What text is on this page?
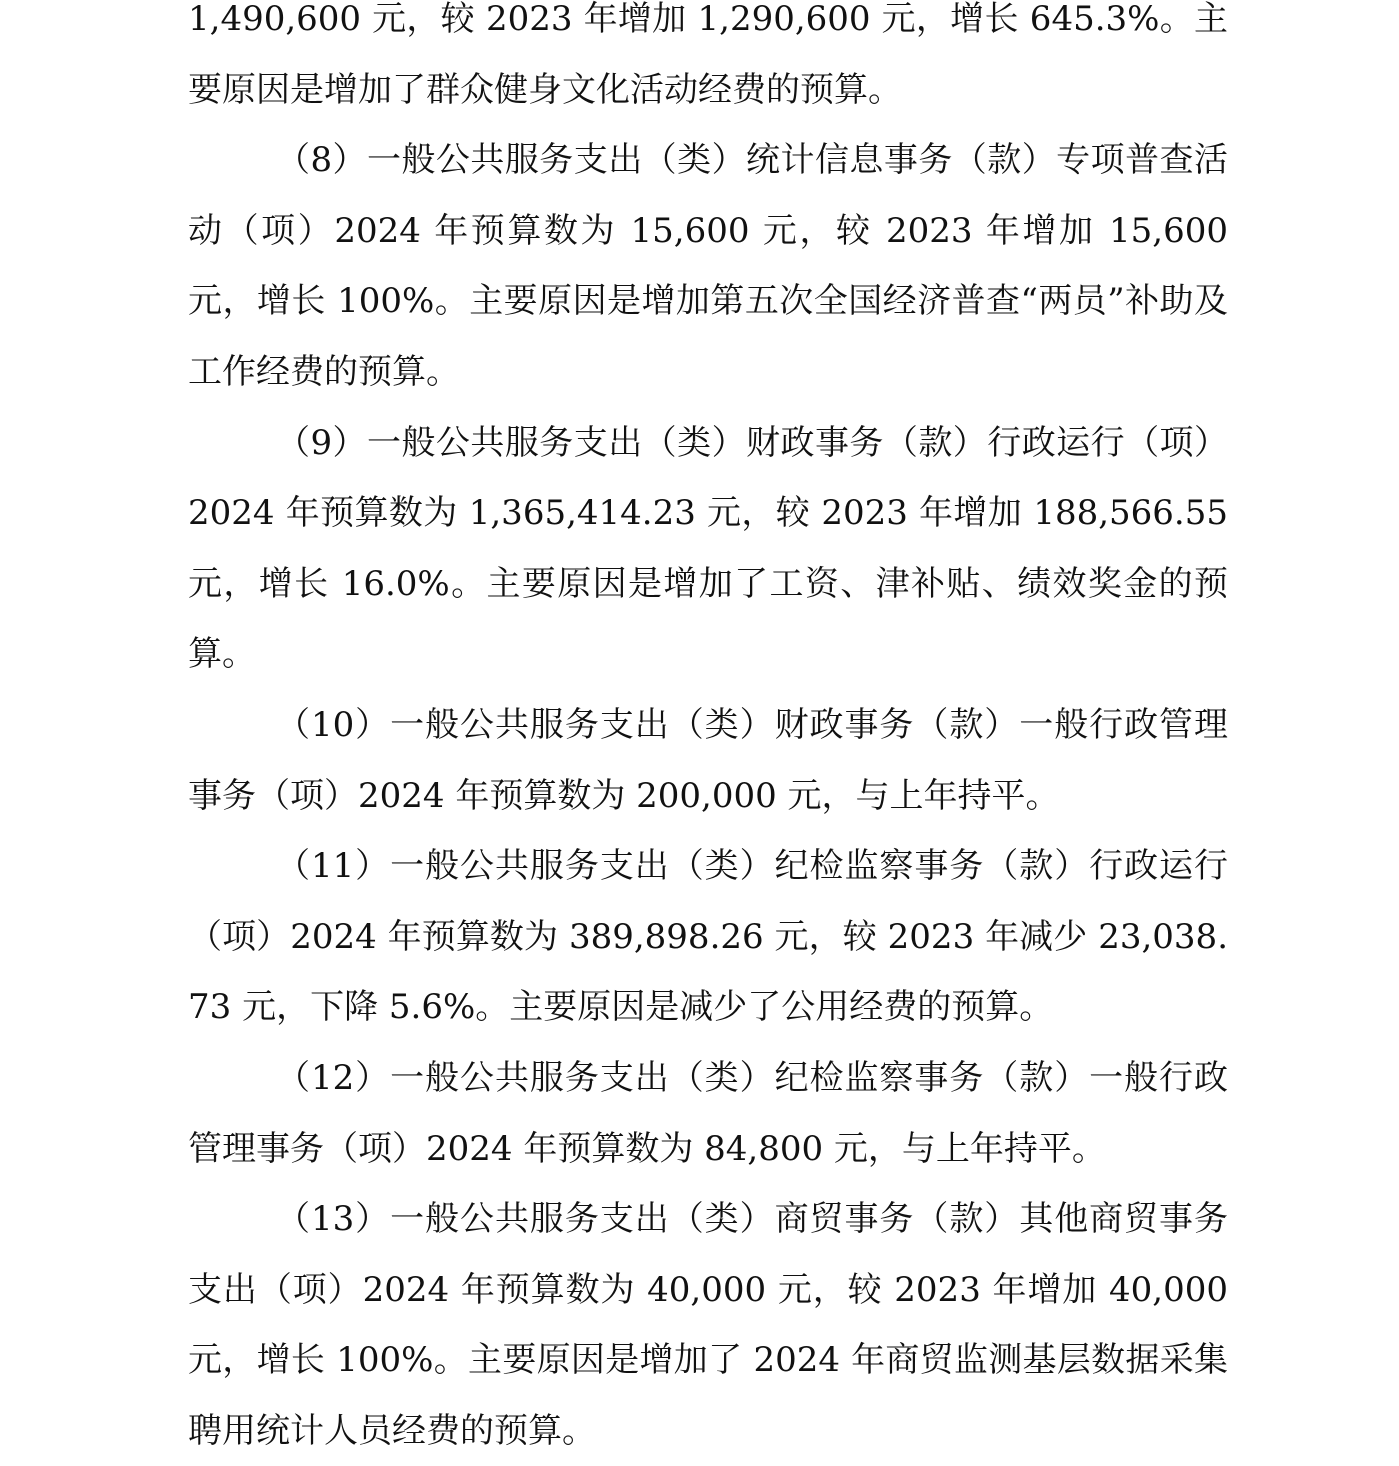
1,490,600 元，较 2023 年增加 1,290,600 元，增长 645.3%。主要原因是增加了群众健身文化活动经费的预算。

（8）一般公共服务支出（类）统计信息事务（款）专项普查活动（项）2024 年预算数为 15,600 元，较 2023 年增加 15,600 元，增长 100%。主要原因是增加第五次全国经济普查“两员”补助及工作经费的预算。

（9）一般公共服务支出（类）财政事务（款）行政运行（项）2024 年预算数为 1,365,414.23 元，较 2023 年增加 188,566.55 元，增长 16.0%。主要原因是增加了工资、津补贴、绩效奖金的预算。

（10）一般公共服务支出（类）财政事务（款）一般行政管理事务（项）2024 年预算数为 200,000 元，与上年持平。

（11）一般公共服务支出（类）纪检监察事务（款）行政运行（项）2024 年预算数为 389,898.26 元，较 2023 年减少 23,038.73 元，下降 5.6%。主要原因是减少了公用经费的预算。

（12）一般公共服务支出（类）纪检监察事务（款）一般行政管理事务（项）2024 年预算数为 84,800 元，与上年持平。

（13）一般公共服务支出（类）商贸事务（款）其他商贸事务支出（项）2024 年预算数为 40,000 元，较 2023 年增加 40,000 元，增长 100%。主要原因是增加了 2024 年商贸监测基层数据采集聘用统计人员经费的预算。
